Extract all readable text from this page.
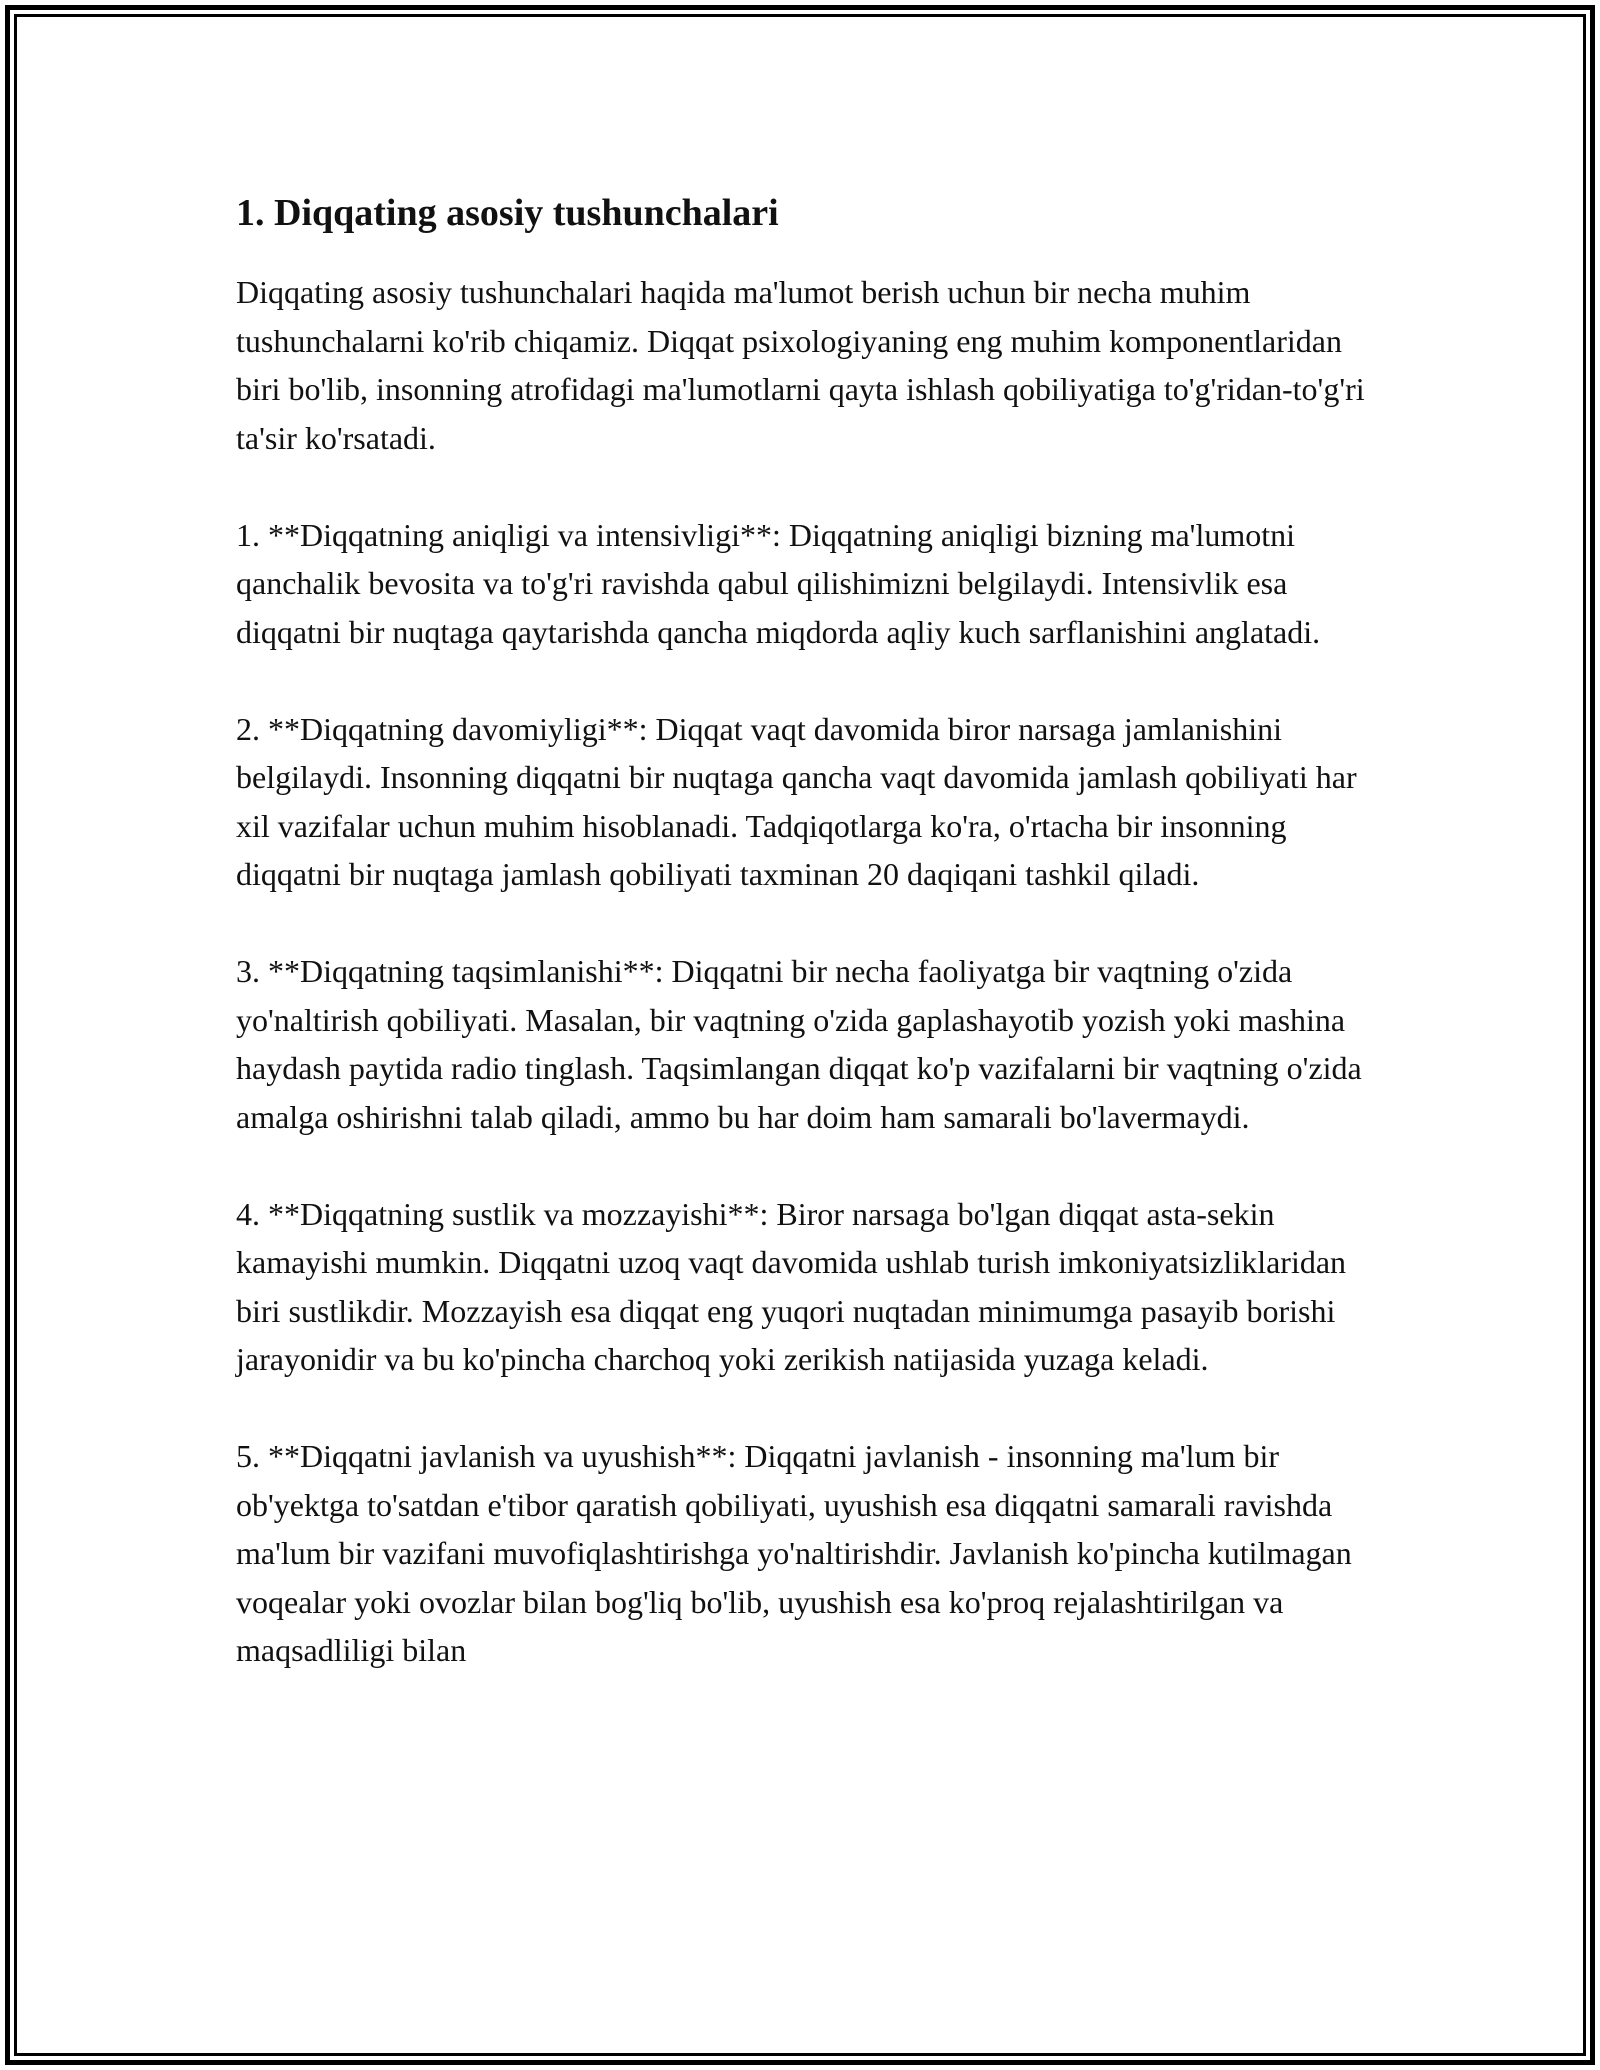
1. Diqqating asosiy tushunchalari

Diqqating asosiy tushunchalari haqida ma'lumot berish uchun bir necha muhim tushunchalarni ko'rib chiqamiz. Diqqat psixologiyaning eng muhim komponentlaridan biri bo'lib, insonning atrofidagi ma'lumotlarni qayta ishlash qobiliyatiga to'g'ridan-to'g'ri ta'sir ko'rsatadi.

1. **Diqqatning aniqligi va intensivligi**: Diqqatning aniqligi bizning ma'lumotni qanchalik bevosita va to'g'ri ravishda qabul qilishimizni belgilaydi. Intensivlik esa diqqatni bir nuqtaga qaytarishda qancha miqdorda aqliy kuch sarflanishini anglatadi.

2. **Diqqatning davomiyligi**: Diqqat vaqt davomida biror narsaga jamlanishini belgilaydi. Insonning diqqatni bir nuqtaga qancha vaqt davomida jamlash qobiliyati har xil vazifalar uchun muhim hisoblanadi. Tadqiqotlarga ko'ra, o'rtacha bir insonning diqqatni bir nuqtaga jamlash qobiliyati taxminan 20 daqiqani tashkil qiladi.

3. **Diqqatning taqsimlanishi**: Diqqatni bir necha faoliyatga bir vaqtning o'zida yo'naltirish qobiliyati. Masalan, bir vaqtning o'zida gaplashayotib yozish yoki mashina haydash paytida radio tinglash. Taqsimlangan diqqat ko'p vazifalarni bir vaqtning o'zida amalga oshirishni talab qiladi, ammo bu har doim ham samarali bo'lavermaydi.

4. **Diqqatning sustlik va mozzayishi**: Biror narsaga bo'lgan diqqat asta-sekin kamayishi mumkin. Diqqatni uzoq vaqt davomida ushlab turish imkoniyatsizliklaridan biri sustlikdir. Mozzayish esa diqqat eng yuqori nuqtadan minimumga pasayib borishi jarayonidir va bu ko'pincha charchoq yoki zerikish natijasida yuzaga keladi.

5. **Diqqatni javlanish va uyushish**: Diqqatni javlanish - insonning ma'lum bir ob'yektga to'satdan e'tibor qaratish qobiliyati, uyushish esa diqqatni samarali ravishda ma'lum bir vazifani muvofiqlashtirishga yo'naltirishdir. Javlanish ko'pincha kutilmagan voqealar yoki ovozlar bilan bog'liq bo'lib, uyushish esa ko'proq rejalashtirilgan va maqsadliligi bilan
